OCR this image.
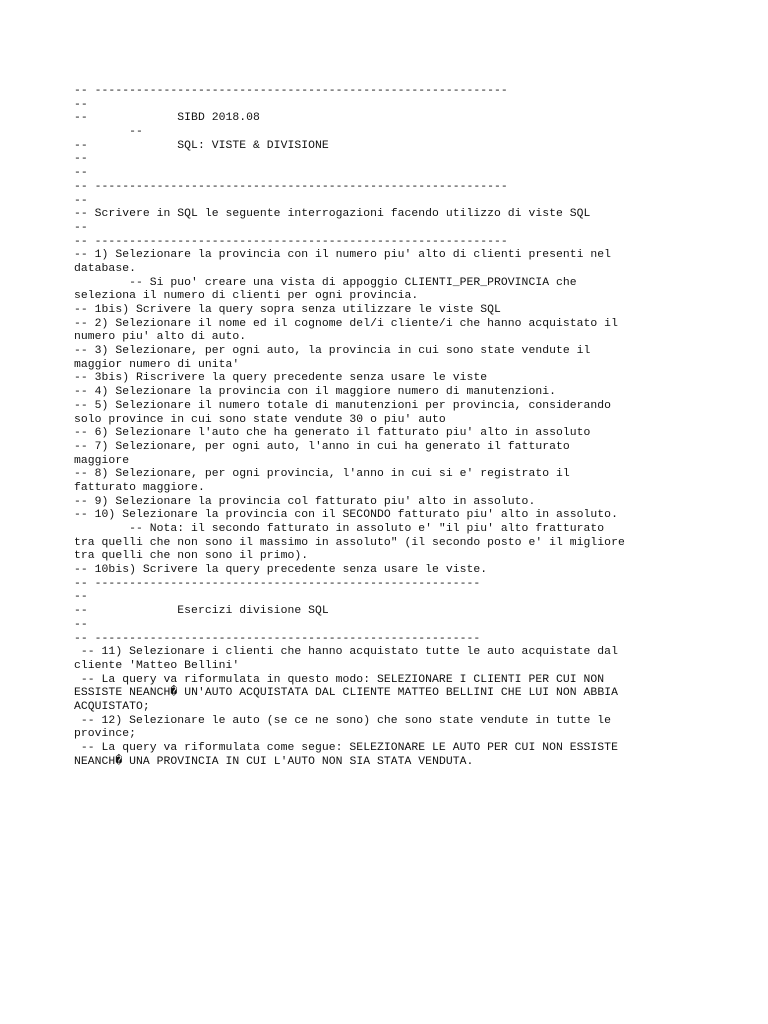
-- ------------------------------------------------------------
--
--             SIBD 2018.08
--
--             SQL: VISTE & DIVISIONE
--
--
-- ------------------------------------------------------------
--
-- Scrivere in SQL le seguente interrogazioni facendo utilizzo di viste SQL
--
-- ------------------------------------------------------------
-- 1) Selezionare la provincia con il numero piu' alto di clienti presenti nel
database.
-- Si puo' creare una vista di appoggio CLIENTI_PER_PROVINCIA che
seleziona il numero di clienti per ogni provincia.
-- 1bis) Scrivere la query sopra senza utilizzare le viste SQL
-- 2) Selezionare il nome ed il cognome del/i cliente/i che hanno acquistato il
numero piu' alto di auto.
-- 3) Selezionare, per ogni auto, la provincia in cui sono state vendute il
maggior numero di unita'
-- 3bis) Riscrivere la query precedente senza usare le viste
-- 4) Selezionare la provincia con il maggiore numero di manutenzioni.
-- 5) Selezionare il numero totale di manutenzioni per provincia, considerando
solo province in cui sono state vendute 30 o piu' auto
-- 6) Selezionare l'auto che ha generato il fatturato piu' alto in assoluto
-- 7) Selezionare, per ogni auto, l'anno in cui ha generato il fatturato
maggiore
-- 8) Selezionare, per ogni provincia, l'anno in cui si e' registrato il
fatturato maggiore.
-- 9) Selezionare la provincia col fatturato piu' alto in assoluto.
-- 10) Selezionare la provincia con il SECONDO fatturato piu' alto in assoluto.
-- Nota: il secondo fatturato in assoluto e' "il piu' alto fratturato
tra quelli che non sono il massimo in assoluto" (il secondo posto e' il migliore
tra quelli che non sono il primo).
-- 10bis) Scrivere la query precedente senza usare le viste.
-- --------------------------------------------------------
--
--             Esercizi divisione SQL
--
-- --------------------------------------------------------
-- 11) Selezionare i clienti che hanno acquistato tutte le auto acquistate dal
cliente 'Matteo Bellini'
-- La query va riformulata in questo modo: SELEZIONARE I CLIENTI PER CUI NON
ESSISTE NEANCH� UN'AUTO ACQUISTATA DAL CLIENTE MATTEO BELLINI CHE LUI NON ABBIA
ACQUISTATO;
-- 12) Selezionare le auto (se ce ne sono) che sono state vendute in tutte le
province;
-- La query va riformulata come segue: SELEZIONARE LE AUTO PER CUI NON ESSISTE
NEANCH� UNA PROVINCIA IN CUI L'AUTO NON SIA STATA VENDUTA.
